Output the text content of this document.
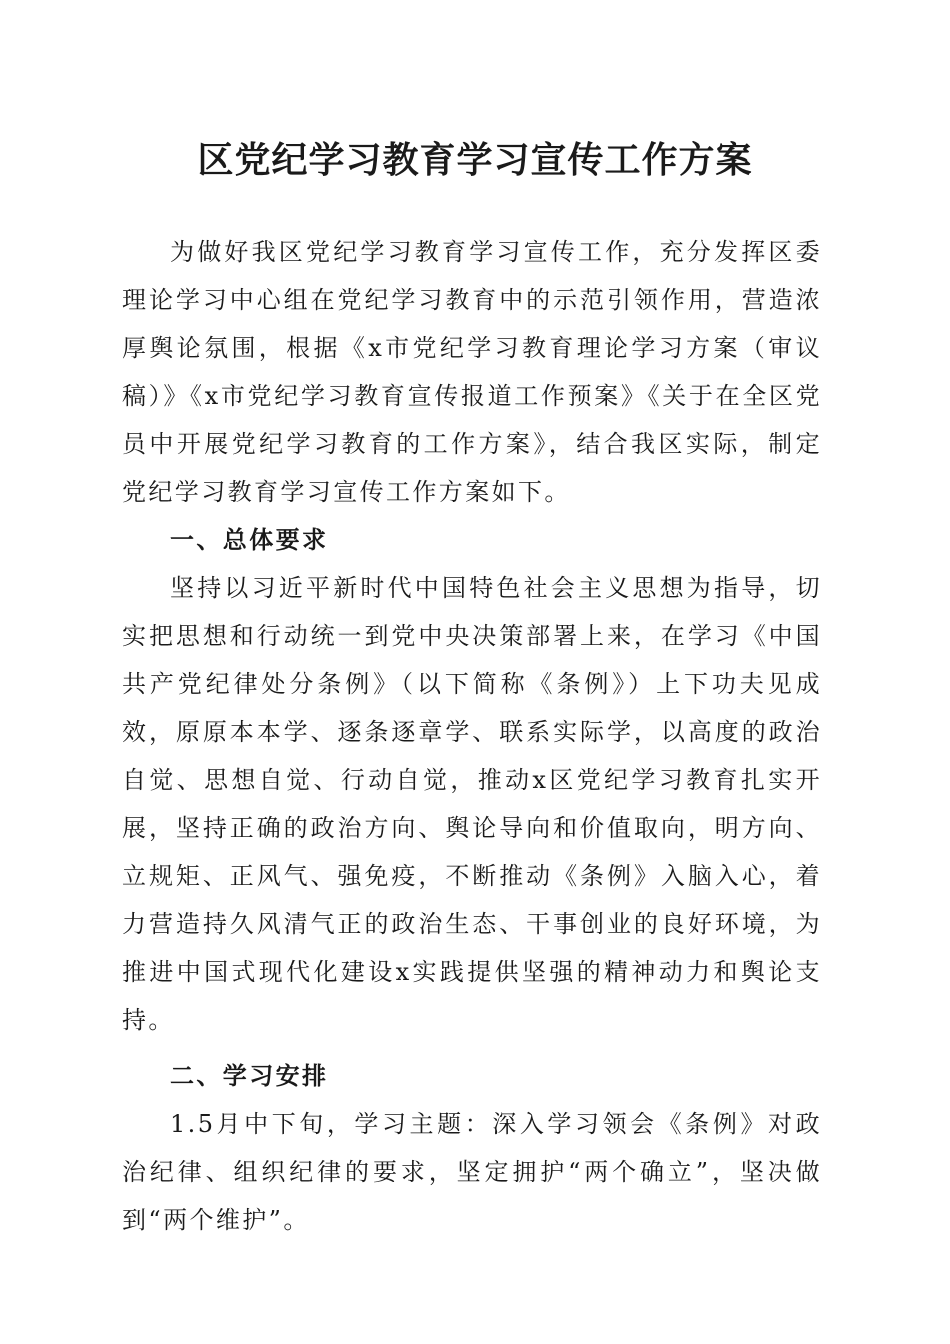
区党纪学习教育学习宣传工作方案

为做好我区党纪学习教育学习宣传工作，充分发挥区委理论学习中心组在党纪学习教育中的示范引领作用，营造浓厚舆论氛围，根据《x市党纪学习教育理论学习方案（审议稿）》《x市党纪学习教育宣传报道工作预案》《关于在全区党员中开展党纪学习教育的工作方案》，结合我区实际，制定党纪学习教育学习宣传工作方案如下。

一、总体要求

坚持以习近平新时代中国特色社会主义思想为指导，切实把思想和行动统一到党中央决策部署上来，在学习《中国共产党纪律处分条例》（以下简称《条例》）上下功夫见成效，原原本本学、逐条逐章学、联系实际学，以高度的政治自觉、思想自觉、行动自觉，推动x区党纪学习教育扎实开展，坚持正确的政治方向、舆论导向和价值取向，明方向、立规矩、正风气、强免疫，不断推动《条例》入脑入心，着力营造持久风清气正的政治生态、干事创业的良好环境，为推进中国式现代化建设x实践提供坚强的精神动力和舆论支持。

二、学习安排

1.5月中下旬，学习主题：深入学习领会《条例》对政治纪律、组织纪律的要求，坚定拥护“两个确立”，坚决做到“两个维护”。
